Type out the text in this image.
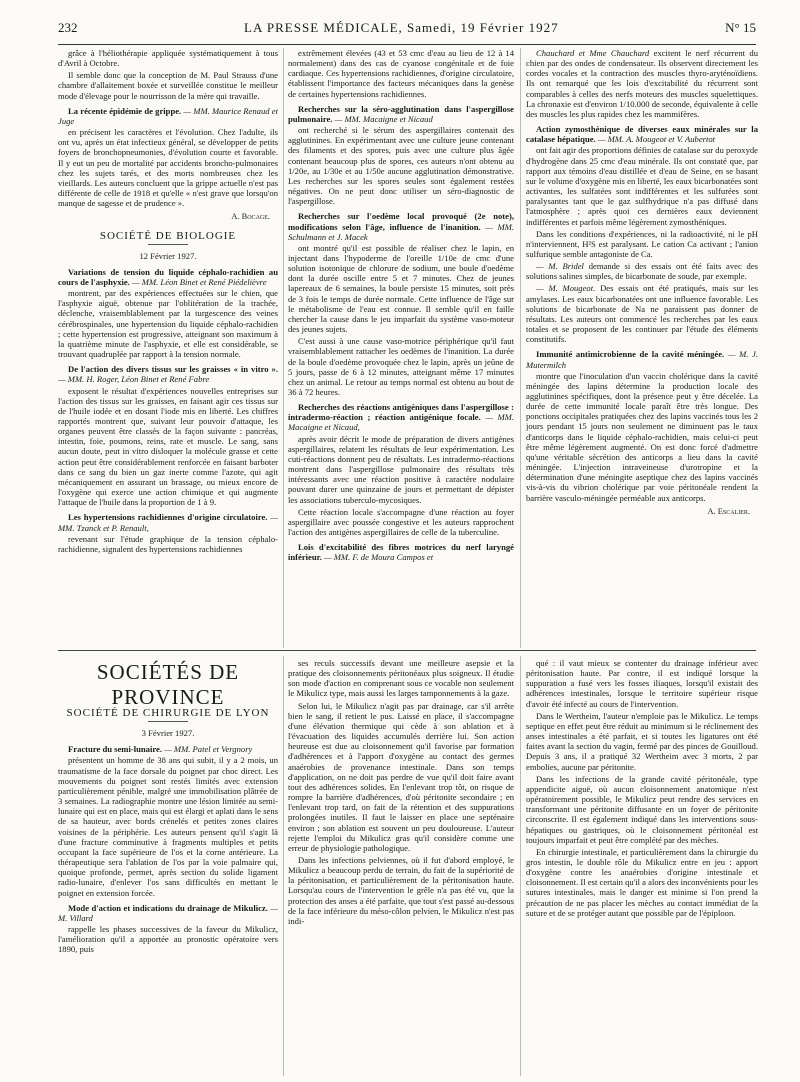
232	LA PRESSE MÉDICALE, Samedi, 19 Février 1927	N° 15

grâce à l'héliothérapie appliquée systématiquement à tous d'Avril à Octobre.

Il semble donc que la conception de M. Paul Strauss d'une chambre d'allaitement boxée et surveillée constitue le meilleur mode d'élevage pour le nourrisson de la mère qui travaille.

La récente épidémie de grippe. — MM. Maurice Renaud et Juge

en précisent les caractères et l'évolution. Chez l'adulte, ils ont vu, après un état infectieux général, se développer de petits foyers de bronchopneumonies, d'évolution courte et favorable. Il y eut un peu de mortalité par accidents broncho-pulmonaires chez les sujets tarés, et des morts nombreuses chez les vieillards. Les auteurs concluent que la grippe actuelle n'est pas différente de celle de 1918 et qu'elle « n'est grave que lorsqu'on manque de sagesse et de prudence ».

A. Bocage.
SOCIÉTÉ DE BIOLOGIE
12 Février 1927.
Variations de tension du liquide céphalo-rachidien au cours de l'asphyxie. — MM. Léon Binet et René Piédelièvre

montrent, par des expériences effectuées sur le chien, que l'asphyxie aiguë, obtenue par l'oblitération de la trachée, déclenche, vraisemblablement par la turgescence des veines cérébrospinales, une hypertension du liquide céphalo-rachidien ; cette hypertension est progressive, atteignant son maximum à la quatrième minute de l'asphyxie, et elle est considérable, se trouvant quadruplée par rapport à la tension normale.

De l'action des divers tissus sur les graisses « in vitro ». — MM. H. Roger, Léon Binet et René Fabre

exposent le résultat d'expériences nouvelles entreprises sur l'action des tissus sur les graisses, en faisant agir ces tissus sur de l'huile iodée et en dosant l'iode mis en liberté. Les chiffres rapportés montrent que, suivant leur pouvoir d'attaque, les organes peuvent être classés de la façon suivante : pancréas, intestin, foie, poumons, reins, rate et muscle. Le sang, sans aucun doute, peut in vitro disloquer la molécule grasse et cette action peut être considérablement renforcée en faisant barboter dans ce sang du bien un gaz inerte comme l'azote, qui agit mécaniquement en assurant un brassage, ou mieux encore de l'oxygène qui exerce une action chimique et qui augmente l'attaque de l'huile dans la proportion de 1 à 9.

Les hypertensions rachidiennes d'origine circulatoire. — MM. Tzanck et P. Renault,

revenant sur l'étude graphique de la tension céphalo-rachidienne, signalent des hypertensions rachidiennes

extrêmement élevées (43 et 53 cmc d'eau au lieu de 12 à 14 normalement) dans des cas de cyanose congénitale et de foie cardiaque. Ces hypertensions rachidiennes, d'origine circulatoire, établissent l'importance des facteurs mécaniques dans la genèse de certaines hypertensions rachidiennes.

Recherches sur la séro-agglutination dans l'aspergillose pulmonaire. — MM. Macaigne et Nicaud

ont recherché si le sérum des aspergillaires contenait des agglutinines. En expérimentant avec une culture jeune contenant des filaments et des spores, puis avec une culture plus âgée contenant beaucoup plus de spores, ces auteurs n'ont obtenu au 1/20e, au 1/30e et au 1/50e aucune agglutination démonstrative. Les recherches sur les spores seules sont également restées négatives. On ne peut donc utiliser un séro-diagnostic de l'aspergillose.

Recherches sur l'oedème local provoqué (2e note), modifications selon l'âge, influence de l'inanition. — MM. Schulmann et J. Macek

ont montré qu'il est possible de réaliser chez le lapin, en injectant dans l'hypoderme de l'oreille 1/10e de cmc d'une solution isotonique de chlorure de sodium, une boule d'oedème dont la durée oscille entre 5 et 7 minutes. Chez de jeunes lapereaux de 6 semaines, la boule persiste 15 minutes, soit près de 3 fois le temps de durée normale. Cette influence de l'âge sur le métabolisme de l'eau est connue. Il semble qu'il en faille chercher la cause dans le jeu imparfait du système vaso-moteur des jeunes sujets.

C'est aussi à une cause vaso-motrice périphérique qu'il faut vraisemblablement rattacher les oedèmes de l'inanition. La durée de la boule d'oedème provoquée chez le lapin, après un jeûne de 5 jours, passe de 6 à 12 minutes, atteignant même 17 minutes chez un animal. Le retour au temps normal est obtenu au bout de 36 à 72 heures.

Recherches des réactions antigéniques dans l'aspergillose : intradermo-réaction ; réaction antigénique focale. — MM. Macaigne et Nicaud,

après avoir décrit le mode de préparation de divers antigènes aspergillaires, relatent les résultats de leur expérimentation. Les cuti-réactions donnent peu de résultats. Les intradermo-réactions montrent dans l'aspergillose pulmonaire des résultats très intéressants avec une réaction positive à caractère nodulaire pouvant durer une quinzaine de jours et permettant de dépister les associations tuberculo-mycosiques.

Cette réaction locale s'accompagne d'une réaction au foyer aspergillaire avec poussée congestive et les auteurs rapprochent l'action des antigènes aspergillaires de celle de la tuberculine.

Lois d'excitabilité des fibres motrices du nerf laryngé inférieur. — MM. F. de Moura Campos et

Chauchard et Mme Chauchard excitent le nerf récurrent du chien par des ondes de condensateur. Ils observent directement les cordes vocales et la contraction des muscles thyro-aryténoïdiens. Ils ont remarqué que les lois d'excitabilité du récurrent sont comparables à celles des nerfs moteurs des muscles squelettiques. La chronaxie est d'environ 1/10.000 de seconde, équivalente à celle des muscles les plus rapides chez les mammifères.

Action zymosthénique de diverses eaux minérales sur la catalase hépatique. — MM. A. Mougeot et V. Aubertot

ont fait agir des proportions définies de catalase sur du peroxyde d'hydrogène dans 25 cmc d'eau minérale. Ils ont constaté que, par rapport aux témoins d'eau distillée et d'eau de Seine, en se basant sur le volume d'oxygène mis en liberté, les eaux bicarbonatées sont activantes, les sulfatées sont indifférentes et les sulfurées sont paralysantes tant que le gaz sulfhydrique n'a pas diffusé dans l'atmosphère ; après quoi ces dernières eaux deviennent indifférentes et parfois même légèrement zymosthéniques.

Dans les conditions d'expériences, ni la radioactivité, ni le pH n'interviennent, H²S est paralysant. Le cation Ca activant ; l'anion sulfurique semble antagoniste de Ca.

— M. Bridel demande si des essais ont été faits avec des solutions salines simples, de bicarbonate de soude, par exemple.

— M. Mougeot. Des essais ont été pratiqués, mais sur les amylases. Les eaux bicarbonatées ont une influence favorable. Les solutions de bicarbonate de Na ne paraissent pas donner de résultats. Les auteurs ont commencé les recherches par les eaux totales et se proposent de les continuer par l'étude des éléments constitutifs.

Immunité antimicrobienne de la cavité méningée. — M. J. Mutermilch

montre que l'inoculation d'un vaccin cholérique dans la cavité méningée des lapins détermine la production locale des agglutinines spécifiques, dont la présence peut y être décelée. La durée de cette immunité locale paraît être très longue. Des ponctions occipitales pratiquées chez des lapins vaccinés tous les 2 jours pendant 15 jours non seulement ne diminuent pas le taux d'anticorps dans le liquide céphalo-rachidien, mais celui-ci peut être même légèrement augmenté. On est donc forcé d'admettre qu'une véritable sécrétion des anticorps a lieu dans la cavité méningée. L'injection intraveineuse d'urotropine et la détermination d'une méningite aseptique chez des lapins vaccinés vis-à-vis du vibrion cholérique par voie péritonéale rendent la barrière vasculo-méningée perméable aux anticorps.

A. Escalier.
SOCIÉTÉS DE PROVINCE
SOCIÉTÉ DE CHIRURGIE DE LYON
3 Février 1927.
Fracture du semi-lunaire. — MM. Patel et Vergnory

présentent un homme de 38 ans qui subit, il y a 2 mois, un traumatisme de la face dorsale du poignet par choc direct. Les mouvements du poignet sont restés limités avec extension particulièrement pénible, malgré une immobilisation plâtrée de 3 semaines. La radiographie montre une lésion limitée au semi-lunaire qui est en place, mais qui est élargi et aplati dans le sens de sa hauteur, avec bords crénelés et petites zones claires voisines de la périphérie. Les auteurs pensent qu'il s'agit là d'une fracture comminutive à fragments multiples et petits occupant la face supérieure de l'os et la corne antérieure. La thérapeutique sera l'ablation de l'os par la voie palmaire qui, quoique profonde, permet, après section du solide ligament radio-lunaire, d'enlever l'os sans difficultés en mettant le poignet en extension forcée.

Mode d'action et indications du drainage de Mikulicz. — M. Villard

rappelle les phases successives de la faveur du Mikulicz, l'amélioration qu'il a apportée au pronostic opératoire vers 1890, puis

ses reculs successifs devant une meilleure asepsie et la pratique des cloisonnements péritonéaux plus soigneux. Il étudie son mode d'action en comprenant sous ce vocable non seulement le Mikulicz type, mais aussi les larges tamponnements à la gaze.

Selon lui, le Mikulicz n'agit pas par drainage, car s'il arrête bien le sang, il retient le pus. Laissé en place, il s'accompagne d'une élévation thermique qui cède à son ablation et à l'évacuation des liquides accumulés derrière lui. Son action heureuse est due au cloisonnement qu'il favorise par formation d'adhérences et à l'apport d'oxygène au contact des germes anaérobies de provenance intestinale. Dans son temps d'application, on ne doit pas perdre de vue qu'il doit faire avant tout des adhérences solides. En l'enlevant trop tôt, on risque de rompre la barrière d'adhérences, d'où péritonite secondaire ; en l'enlevant trop tard, on fait de la rétention et des suppurations prolongées inutiles. Il faut le laisser en place une septénaire environ ; son ablation est souvent un peu douloureuse. L'auteur rejette l'emploi du Mikulicz gras qu'il considère comme une erreur de physiologie pathologique.

Dans les infections pelviennes, où il fut d'abord employé, le Mikulicz a beaucoup perdu de terrain, du fait de la supériorité de la péritonisation, et particulièrement de la péritonisation haute. Lorsqu'au cours de l'intervention le grêle n'a pas été vu, que la protection des anses a été parfaite, que tout s'est passé au-dessous de la face inférieure du méso-côlon pelvien, le Mikulicz n'est pas indi-

qué : il vaut mieux se contenter du drainage inférieur avec péritonisation haute. Par contre, il est indiqué lorsque la suppuration a fusé vers les fosses iliaques, lorsqu'il existait des adhérences intestinales, lorsque le territoire supérieur risque d'avoir été infecté au cours de l'intervention.

Dans le Wertheim, l'auteur n'emploie pas le Mikulicz. Le temps septique en effet peut être réduit au minimum si le réclinement des anses intestinales a été parfait, et si toutes les ligatures ont été faites avant la section du vagin, fermé par des pinces de Gouilloud. Depuis 3 ans, il a pratiqué 32 Wertheim avec 3 morts, 2 par embolies, aucune par péritonite.

Dans les infections de la grande cavité péritonéale, type appendicite aiguë, où aucun cloisonnement anatomique n'est opératoirement possible, le Mikulicz peut rendre des services en transformant une péritonite diffusante en un foyer de péritonite circonscrite. Il est également indiqué dans les interventions sous-hépatiques ou gastriques, où le cloisonnement péritonéal est toujours imparfait et peut être complété par des mèches.

En chirurgie intestinale, et particulièrement dans la chirurgie du gros intestin, le double rôle du Mikulicz entre en jeu : apport d'oxygène contre les anaérobies d'origine intestinale et cloisonnement. Il est certain qu'il a alors des inconvénients pour les sutures intestinales, mais le danger est minime si l'on prend la précaution de ne pas placer les mèches au contact immédiat de la suture et de se protéger autant que possible par de l'épiploon.
